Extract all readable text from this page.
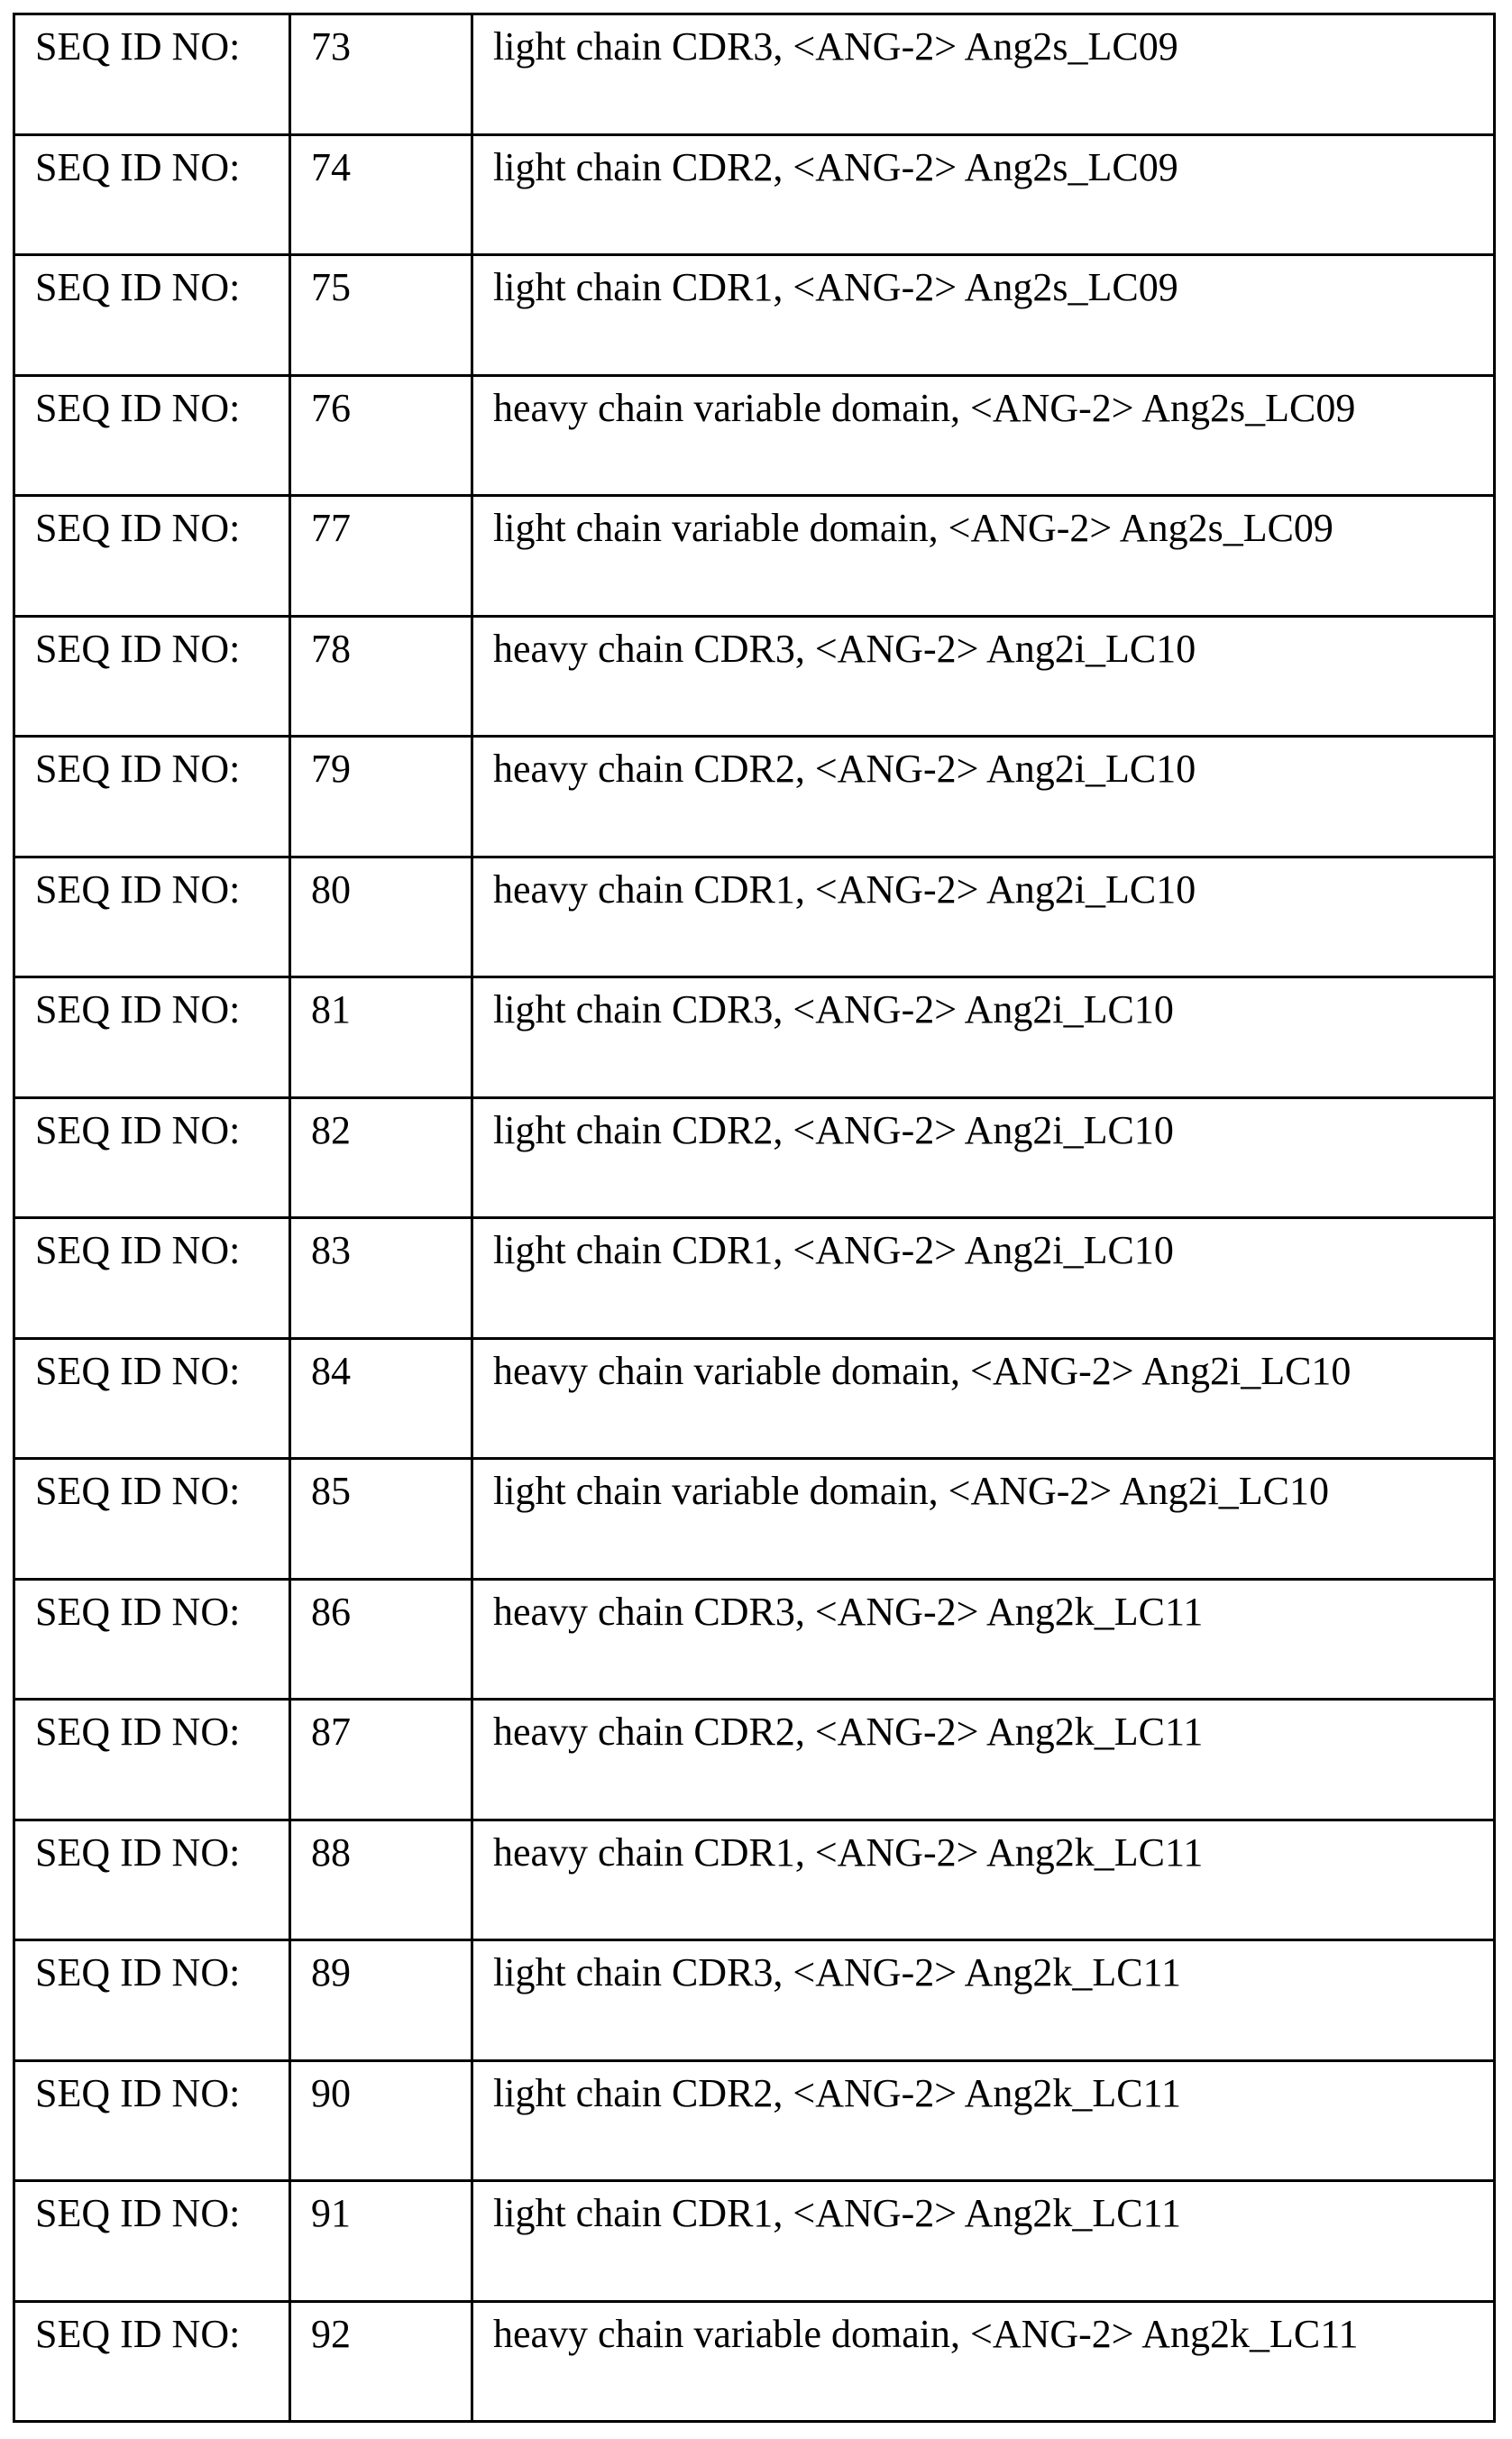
SEQ ID NO:	73	light chain CDR3, <ANG-2> Ang2s_LC09
SEQ ID NO:	74	light chain CDR2, <ANG-2> Ang2s_LC09
SEQ ID NO:	75	light chain CDR1, <ANG-2> Ang2s_LC09
SEQ ID NO:	76	heavy chain variable domain, <ANG-2> Ang2s_LC09
SEQ ID NO:	77	light chain variable domain, <ANG-2> Ang2s_LC09
SEQ ID NO:	78	heavy chain CDR3, <ANG-2> Ang2i_LC10
SEQ ID NO:	79	heavy chain CDR2, <ANG-2> Ang2i_LC10
SEQ ID NO:	80	heavy chain CDR1, <ANG-2> Ang2i_LC10
SEQ ID NO:	81	light chain CDR3, <ANG-2> Ang2i_LC10
SEQ ID NO:	82	light chain CDR2, <ANG-2> Ang2i_LC10
SEQ ID NO:	83	light chain CDR1, <ANG-2> Ang2i_LC10
SEQ ID NO:	84	heavy chain variable domain, <ANG-2> Ang2i_LC10
SEQ ID NO:	85	light chain variable domain, <ANG-2> Ang2i_LC10
SEQ ID NO:	86	heavy chain CDR3, <ANG-2> Ang2k_LC11
SEQ ID NO:	87	heavy chain CDR2, <ANG-2> Ang2k_LC11
SEQ ID NO:	88	heavy chain CDR1, <ANG-2> Ang2k_LC11
SEQ ID NO:	89	light chain CDR3, <ANG-2> Ang2k_LC11
SEQ ID NO:	90	light chain CDR2, <ANG-2> Ang2k_LC11
SEQ ID NO:	91	light chain CDR1, <ANG-2> Ang2k_LC11
SEQ ID NO:	92	heavy chain variable domain, <ANG-2> Ang2k_LC11
